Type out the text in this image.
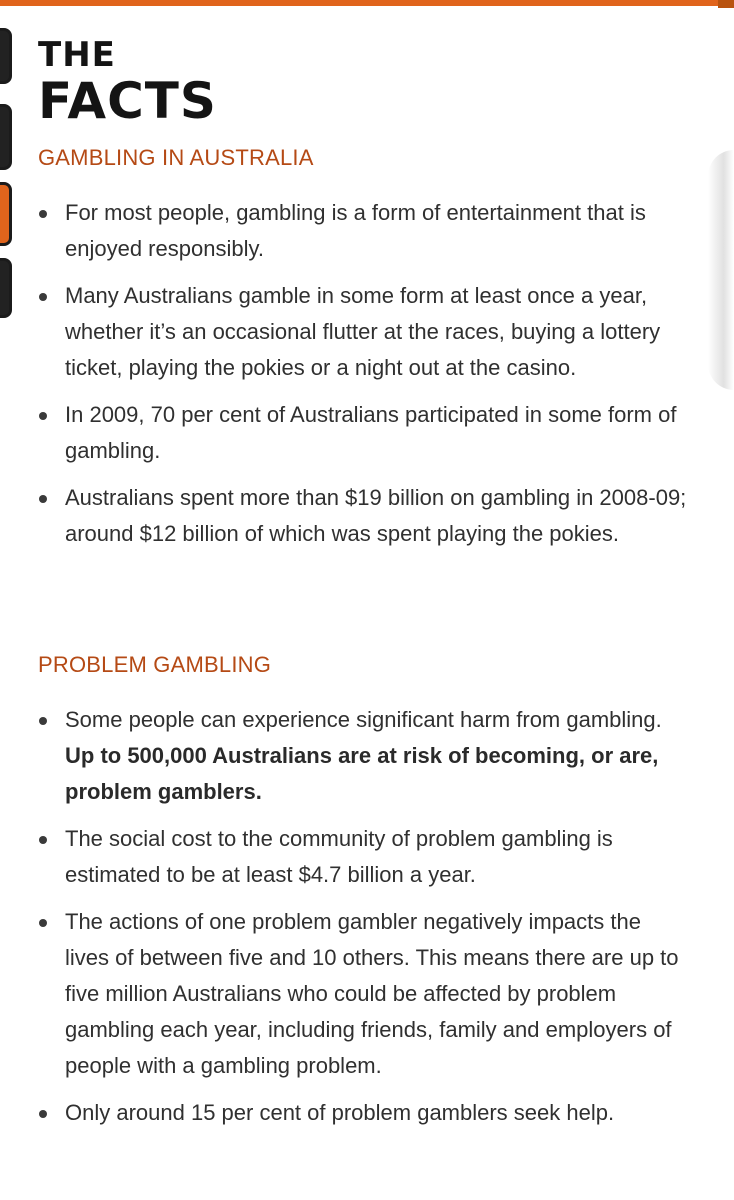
THE
FACTS
GAMBLING IN AUSTRALIA
For most people, gambling is a form of entertainment that is enjoyed responsibly.
Many Australians gamble in some form at least once a year, whether it’s an occasional flutter at the races, buying a lottery ticket, playing the pokies or a night out at the casino.
In 2009, 70 per cent of Australians participated in some form of gambling.
Australians spent more than $19 billion on gambling in 2008-09; around $12 billion of which was spent playing the pokies.
PROBLEM GAMBLING
Some people can experience significant harm from gambling. Up to 500,000 Australians are at risk of becoming, or are, problem gamblers.
The social cost to the community of problem gambling is estimated to be at least $4.7 billion a year.
The actions of one problem gambler negatively impacts the lives of between five and 10 others. This means there are up to five million Australians who could be affected by problem gambling each year, including friends, family and employers of people with a gambling problem.
Only around 15 per cent of problem gamblers seek help.
